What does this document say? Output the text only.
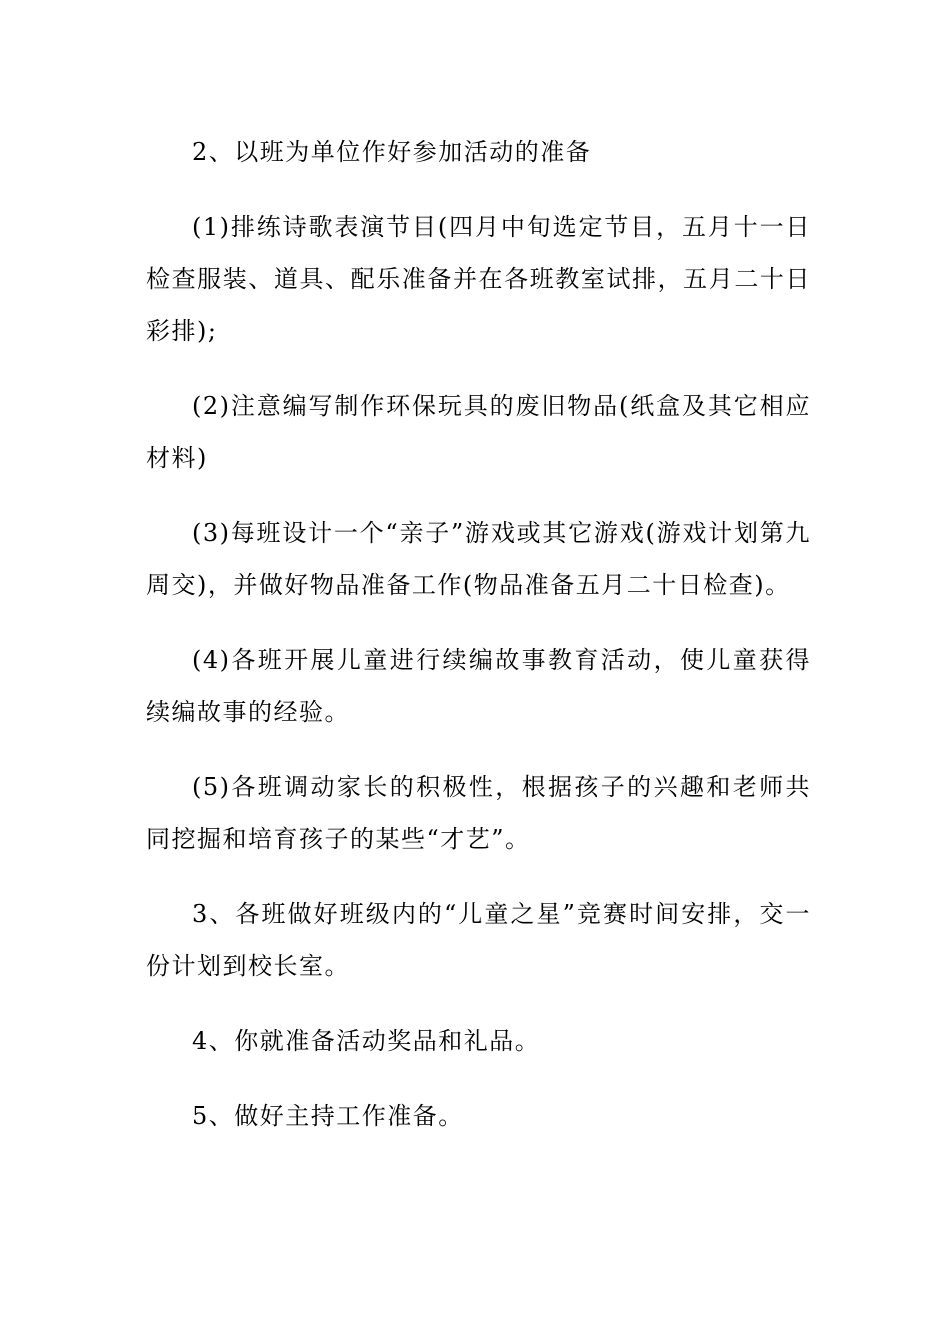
2、以班为单位作好参加活动的准备

(1)排练诗歌表演节目(四月中旬选定节目，五月十一日检查服装、道具、配乐准备并在各班教室试排，五月二十日彩排);

(2)注意编写制作环保玩具的废旧物品(纸盒及其它相应材料)

(3)每班设计一个“亲子”游戏或其它游戏(游戏计划第九周交)，并做好物品准备工作(物品准备五月二十日检查)。

(4)各班开展儿童进行续编故事教育活动，使儿童获得续编故事的经验。

(5)各班调动家长的积极性，根据孩子的兴趣和老师共同挖掘和培育孩子的某些“才艺”。

3、各班做好班级内的“儿童之星”竞赛时间安排，交一份计划到校长室。

4、你就准备活动奖品和礼品。

5、做好主持工作准备。
